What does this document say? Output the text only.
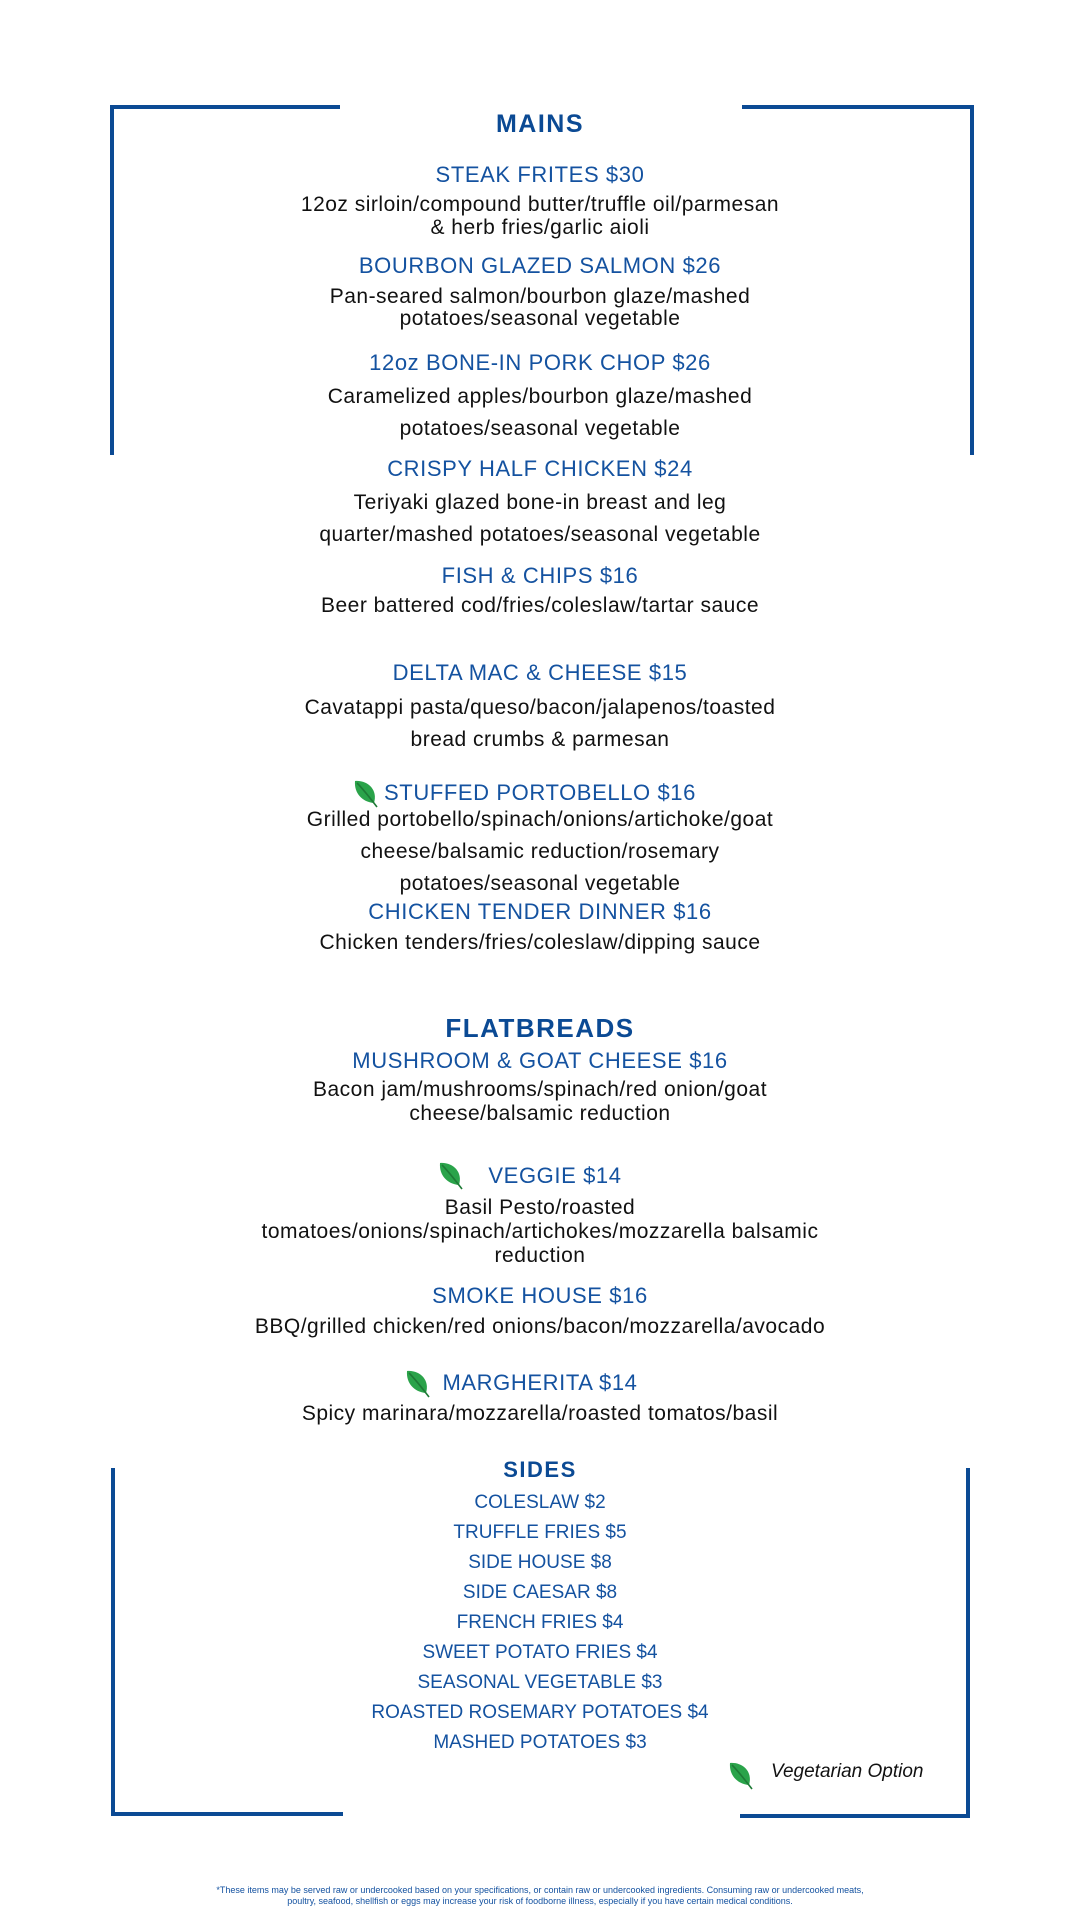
MAINS
STEAK FRITES $30
12oz sirloin/compound butter/truffle oil/parmesan
& herb fries/garlic aioli
BOURBON GLAZED SALMON $26
Pan-seared salmon/bourbon glaze/mashed
potatoes/seasonal vegetable
12oz BONE-IN PORK CHOP $26
Caramelized apples/bourbon glaze/mashed
potatoes/seasonal vegetable
CRISPY HALF CHICKEN $24
Teriyaki glazed bone-in breast and leg
quarter/mashed potatoes/seasonal vegetable
FISH & CHIPS $16
Beer battered cod/fries/coleslaw/tartar sauce
DELTA MAC & CHEESE $15
Cavatappi pasta/queso/bacon/jalapenos/toasted
bread crumbs & parmesan
STUFFED PORTOBELLO $16
Grilled portobello/spinach/onions/artichoke/goat
cheese/balsamic reduction/rosemary
potatoes/seasonal vegetable
CHICKEN TENDER DINNER $16
Chicken tenders/fries/coleslaw/dipping sauce
FLATBREADS
MUSHROOM & GOAT CHEESE $16
Bacon jam/mushrooms/spinach/red onion/goat
cheese/balsamic reduction
VEGGIE $14
Basil Pesto/roasted
tomatoes/onions/spinach/artichokes/mozzarella balsamic
reduction
SMOKE HOUSE $16
BBQ/grilled chicken/red onions/bacon/mozzarella/avocado
MARGHERITA $14
Spicy marinara/mozzarella/roasted tomatos/basil
SIDES
COLESLAW $2
TRUFFLE FRIES $5
SIDE HOUSE $8
SIDE CAESAR $8
FRENCH FRIES $4
SWEET POTATO FRIES $4
SEASONAL VEGETABLE $3
ROASTED ROSEMARY POTATOES $4
MASHED POTATOES $3
Vegetarian Option
*These items may be served raw or undercooked based on your specifications, or contain raw or undercooked ingredients. Consuming raw or undercooked meats,
poultry, seafood, shellfish or eggs may increase your risk of foodborne illness, especially if you have certain medical conditions.
